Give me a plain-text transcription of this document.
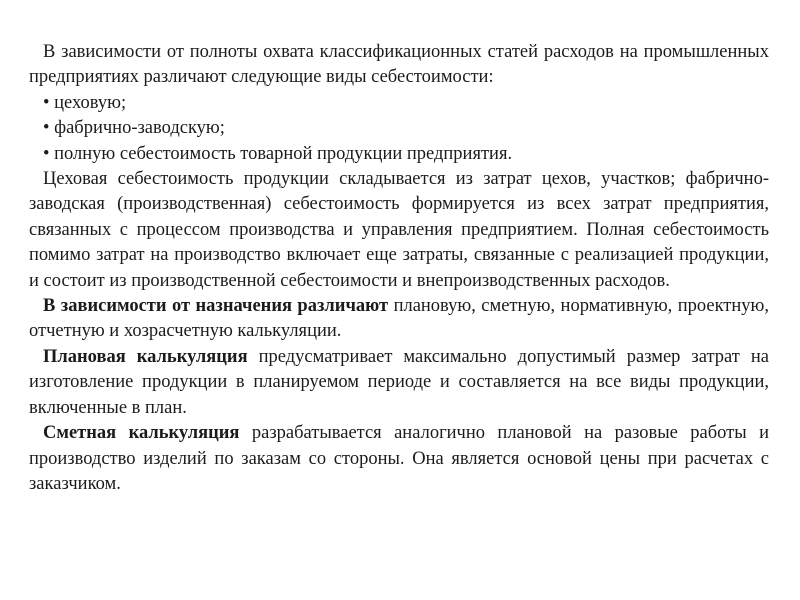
В зависимости от полноты охвата классификационных статей расходов на промышленных предприятиях различают следующие виды себестоимости:

• цеховую;

• фабрично-заводскую;

• полную себестоимость товарной продукции предприятия.

Цеховая себестоимость продукции складывается из затрат цехов, участков; фабрично-заводская (производственная) себестоимость формируется из всех затрат предприятия, связанных с процессом производства и управления предприятием. Полная себестоимость помимо затрат на производство включает еще затраты, связанные с реализацией продукции, и состоит из производственной себестоимости и внепроизводственных расходов.

В зависимости от назначения различают плановую, сметную, нормативную, проектную, отчетную и хозрасчетную калькуляции.

Плановая калькуляция предусматривает максимально допустимый размер затрат на изготовление продукции в планируемом периоде и составляется на все виды продукции, включенные в план.

Сметная калькуляция разрабатывается аналогично плановой на разовые работы и производство изделий по заказам со стороны. Она является основой цены при расчетах с заказчиком.
